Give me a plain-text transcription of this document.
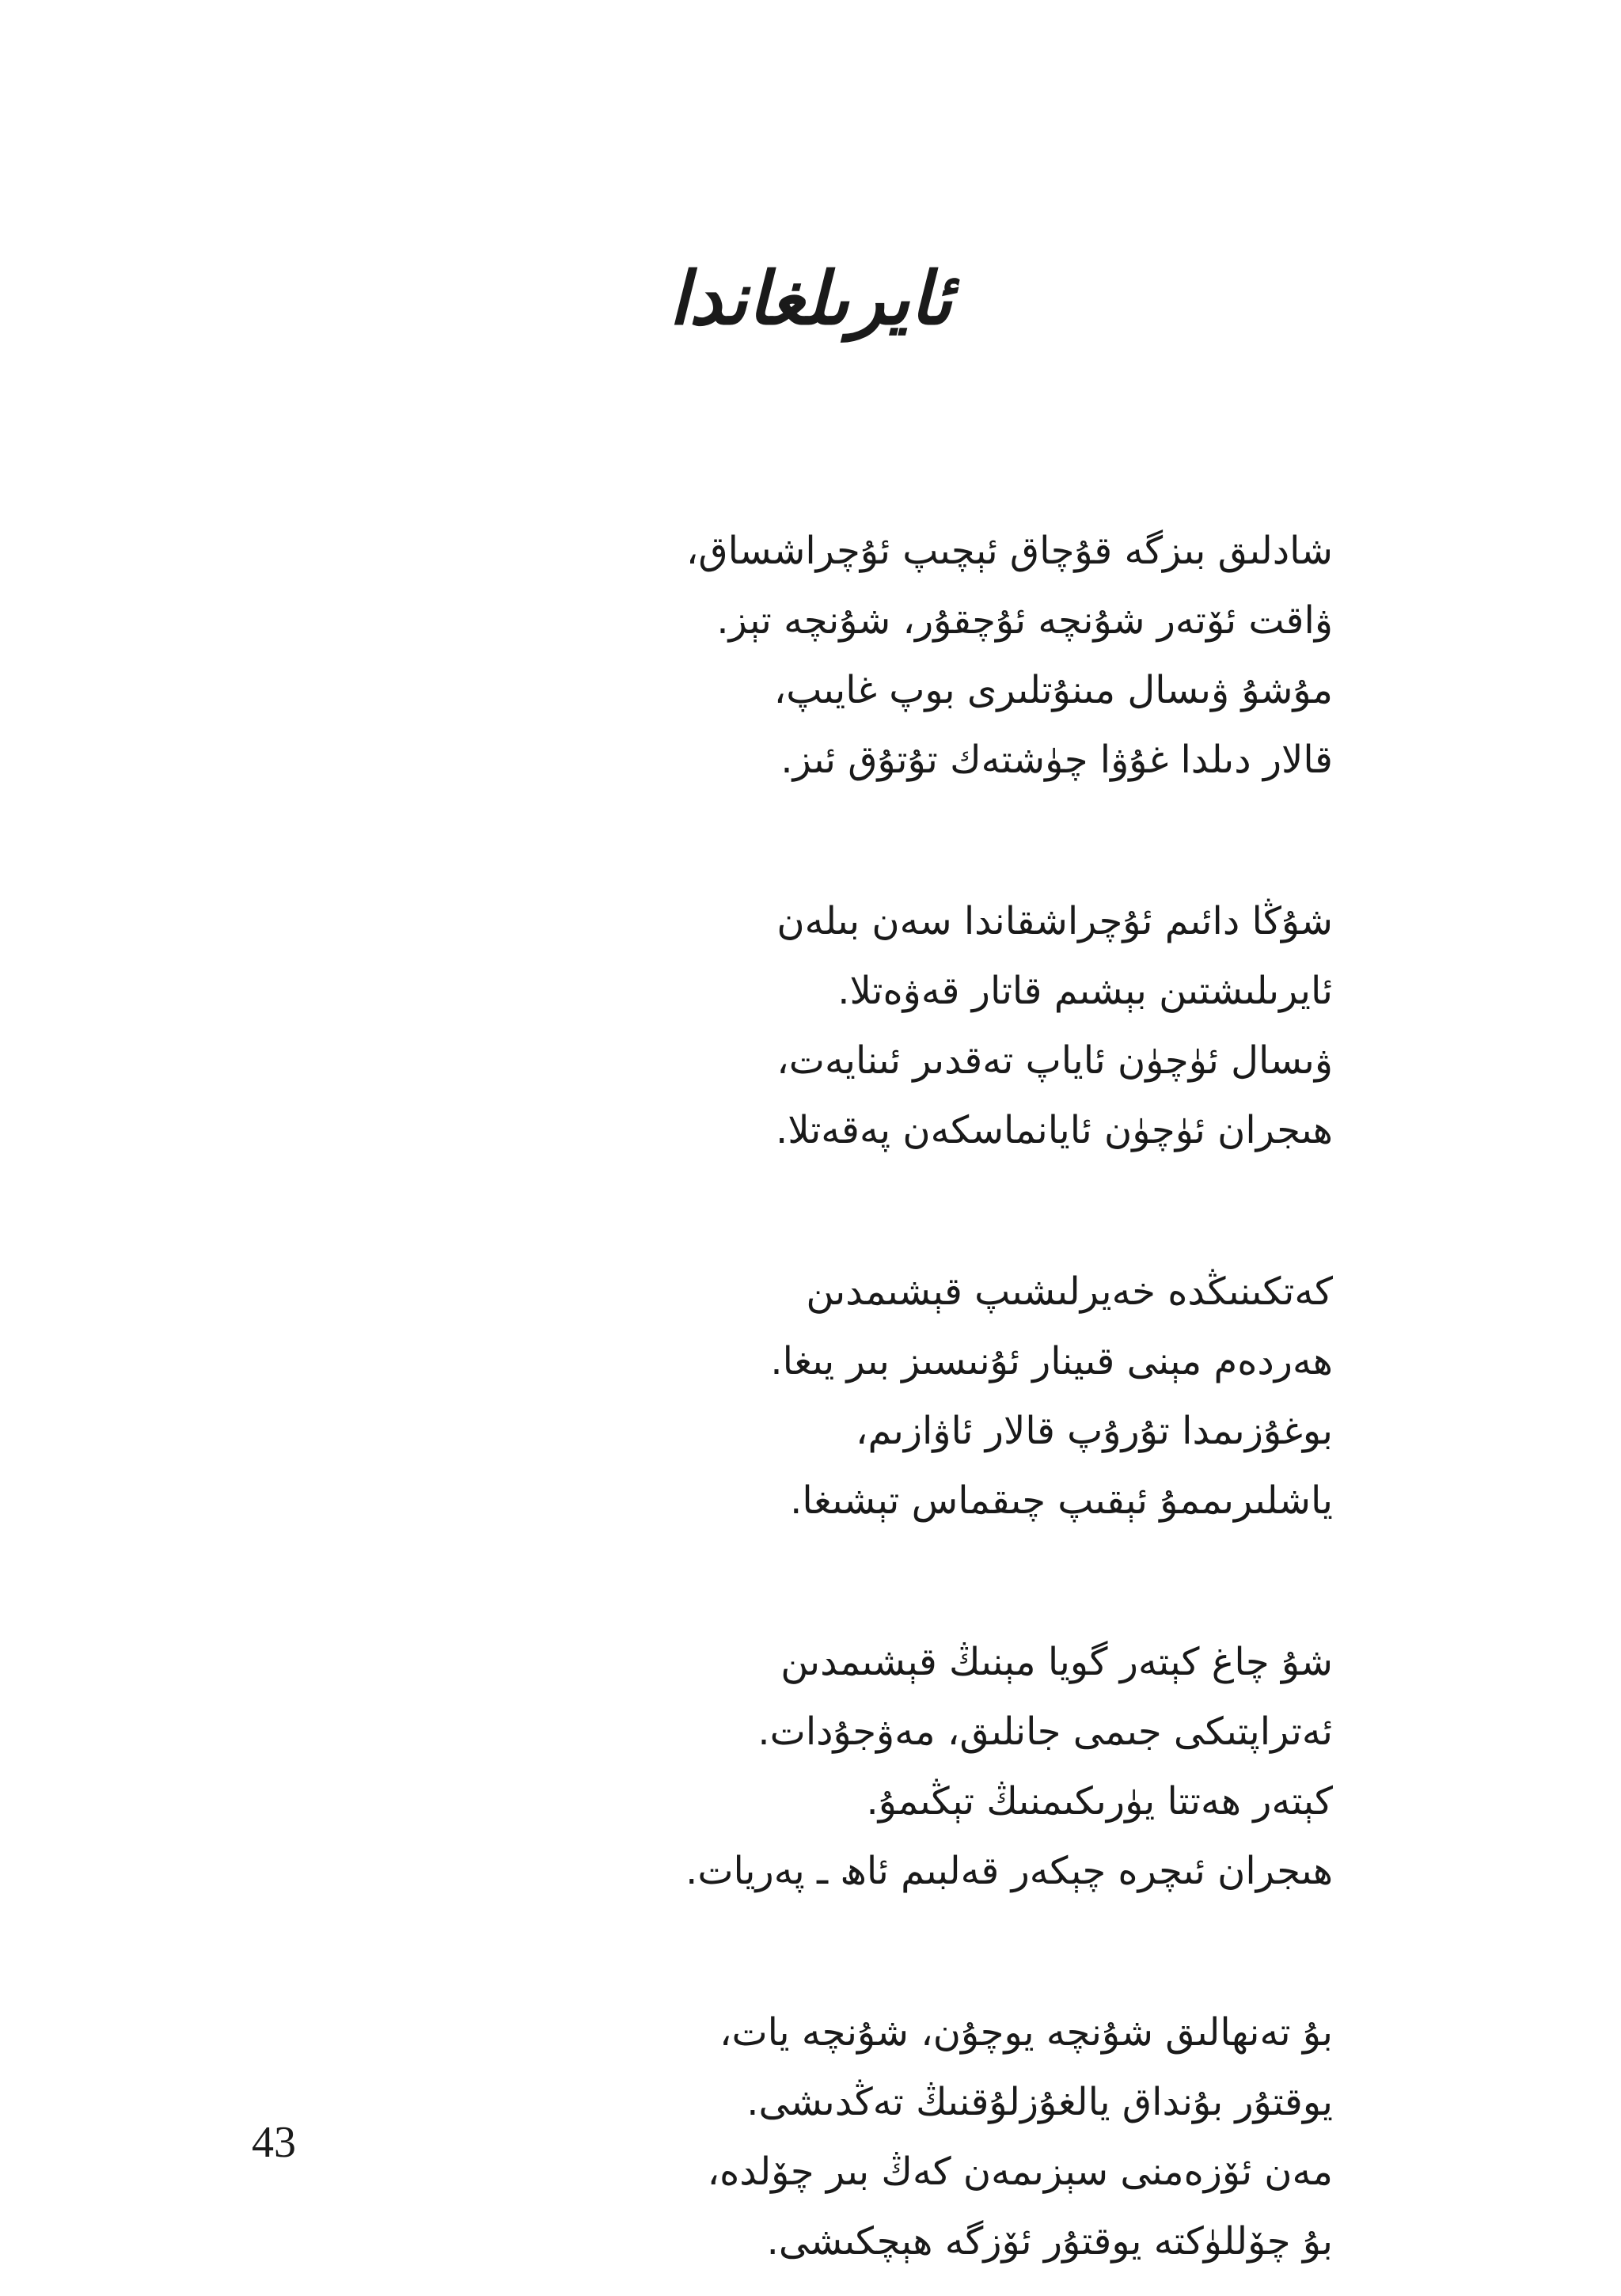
ئايرىلغاندا
شادلىق بىزگە قۇچاق ئېچىپ ئۇچراشساق،
ۋاقت ئۆتەر شۇنچە ئۇچقۇر، شۇنچە تېز.
مۇشۇ ۋىسال مىنۇتلىرى بوپ غايىپ،
قالار دىلدا غۇۋا چۈشتەك تۇتۇق ئىز.
شۇڭا دائىم ئۇچراشقاندا سەن بىلەن
ئايرىلىشتىن بېشىم قاتار قەۋەتلا.
ۋىسال ئۈچۈن ئاياپ تەقدىر ئىنايەت،
ھىجران ئۈچۈن ئايانماسكەن پەقەتلا.
كەتكىنىڭدە خەيرلىشىپ قېشىمدىن
ھەردەم مېنى قىينار ئۇنىسىز بىر يىغا.
بوغۇزىمدا تۇرۇپ قالار ئاۋازىم،
ياشلىرىممۇ ئېقىپ چىقماس تېشىغا.
شۇ چاغ كېتەر گويا مېنىڭ قېشىمدىن
ئەتراپتىكى جىمى جانلىق، مەۋجۇدات.
كېتەر ھەتتا يۈرىكىمنىڭ تېڭىمۇ.
ھىجران ئىچرە چېكەر قەلبىم ئاھ ـ پەريات.
بۇ تەنھالىق شۇنچە يوچۇن، شۇنچە يات،
يوقتۇر بۇنداق يالغۇزلۇقنىڭ تەڭدىشى.
مەن ئۆزەمنى سېزىمەن كەڭ بىر چۆلدە،
بۇ چۆللۈكتە يوقتۇر ئۆزگە ھېچكىشى.
43
